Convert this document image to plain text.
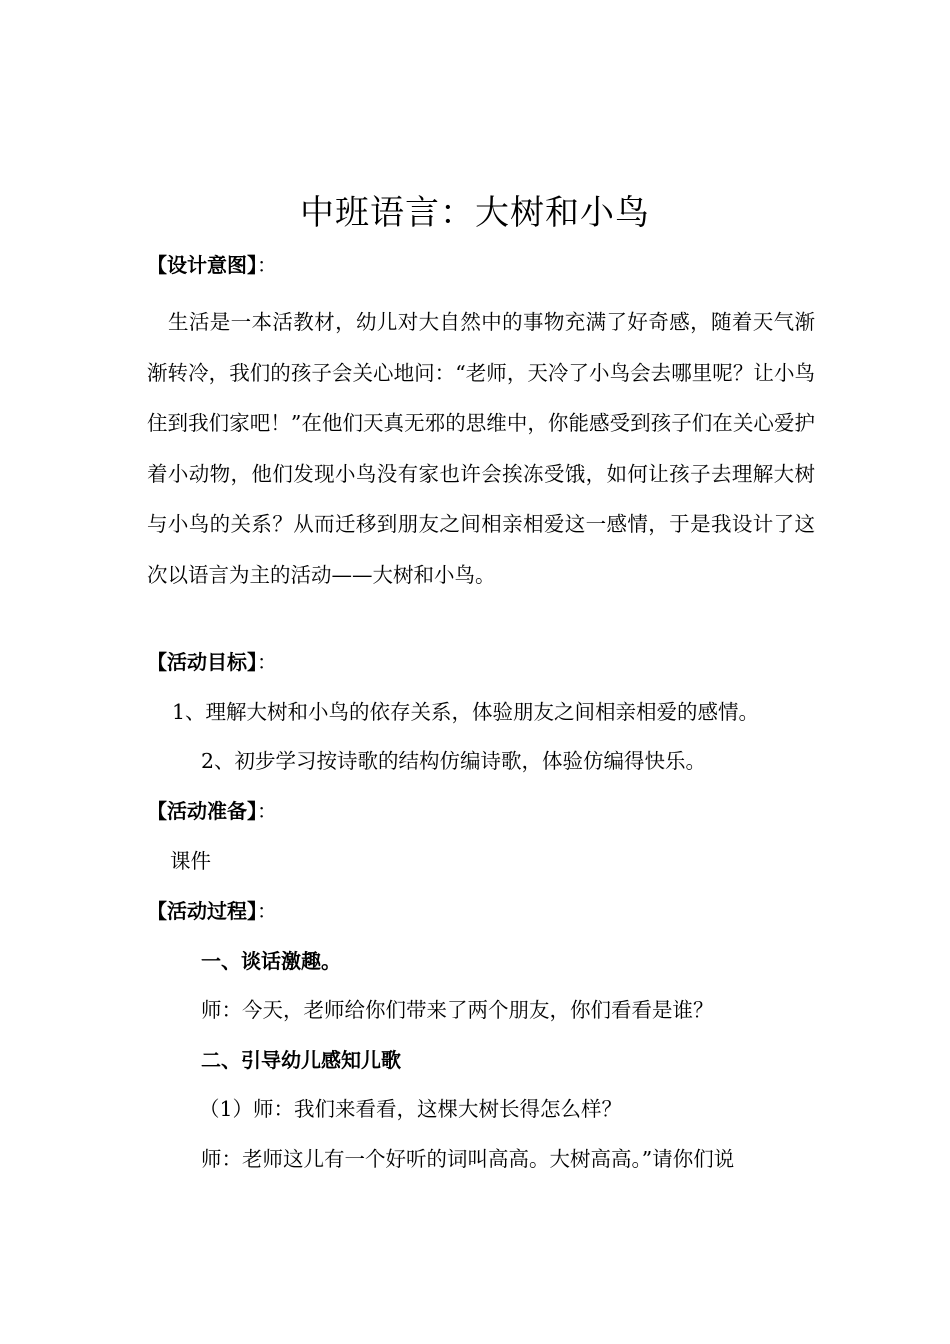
中班语言：大树和小鸟
【设计意图】：
生活是一本活教材，幼儿对大自然中的事物充满了好奇感，随着天气渐渐转冷，我们的孩子会关心地问：“老师，天冷了小鸟会去哪里呢？让小鸟住到我们家吧！”在他们天真无邪的思维中，你能感受到孩子们在关心爱护着小动物，他们发现小鸟没有家也许会挨冻受饿，如何让孩子去理解大树与小鸟的关系？从而迁移到朋友之间相亲相爱这一感情，于是我设计了这次以语言为主的活动——大树和小鸟。
【活动目标】：
1、理解大树和小鸟的依存关系，体验朋友之间相亲相爱的感情。
2、初步学习按诗歌的结构仿编诗歌，体验仿编得快乐。
【活动准备】：
课件
【活动过程】：
一、谈话激趣。
师：今天，老师给你们带来了两个朋友，你们看看是谁？
二、引导幼儿感知儿歌
（1）师：我们来看看，这棵大树长得怎么样？
师：老师这儿有一个好听的词叫高高。大树高高。”请你们说
